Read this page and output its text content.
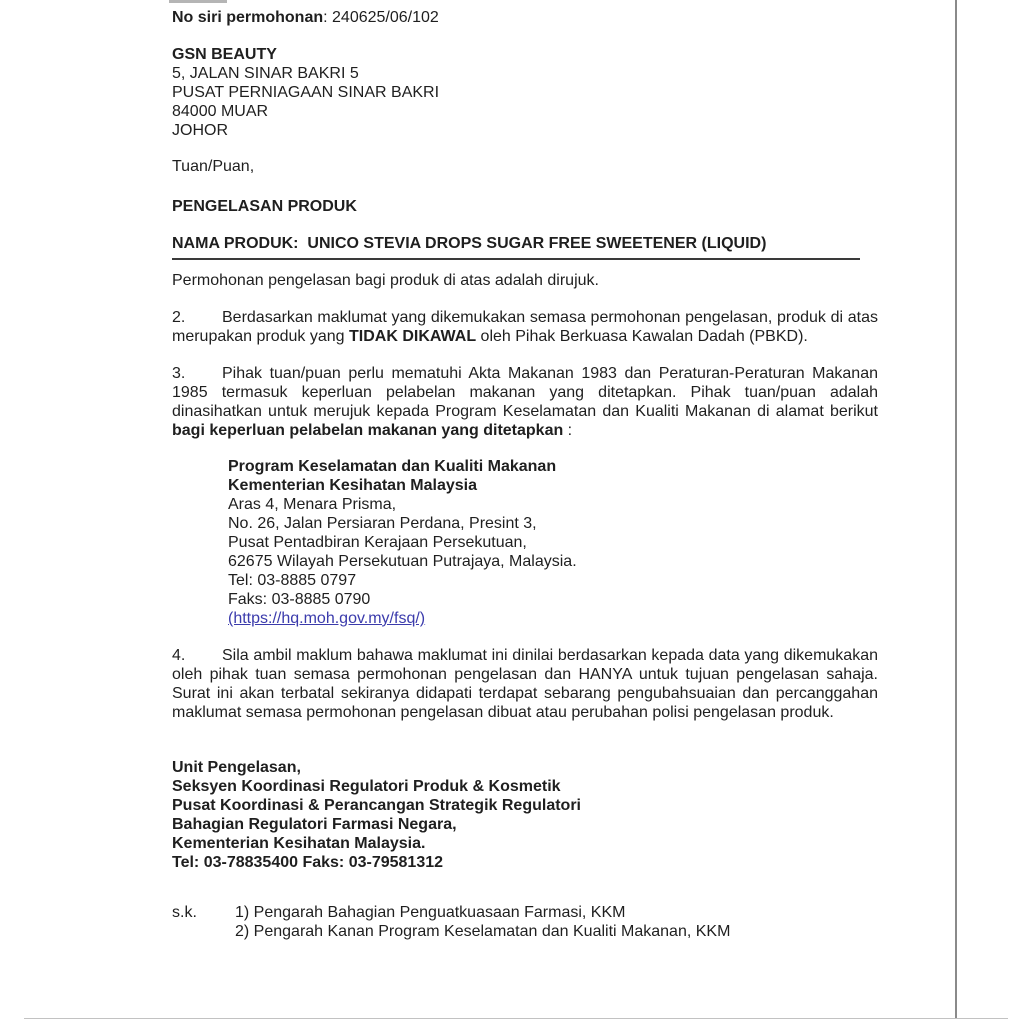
No siri permohonan: 240625/06/102

GSN BEAUTY
5, JALAN SINAR BAKRI 5
PUSAT PERNIAGAAN SINAR BAKRI
84000 MUAR
JOHOR

Tuan/Puan,

PENGELASAN PRODUK

NAMA PRODUK: UNICO STEVIA DROPS SUGAR FREE SWEETENER (LIQUID)

Permohonan pengelasan bagi produk di atas adalah dirujuk.

2. Berdasarkan maklumat yang dikemukakan semasa permohonan pengelasan, produk di atas merupakan produk yang TIDAK DIKAWAL oleh Pihak Berkuasa Kawalan Dadah (PBKD).

3. Pihak tuan/puan perlu mematuhi Akta Makanan 1983 dan Peraturan-Peraturan Makanan 1985 termasuk keperluan pelabelan makanan yang ditetapkan. Pihak tuan/puan adalah dinasihatkan untuk merujuk kepada Program Keselamatan dan Kualiti Makanan di alamat berikut bagi keperluan pelabelan makanan yang ditetapkan :

Program Keselamatan dan Kualiti Makanan
Kementerian Kesihatan Malaysia
Aras 4, Menara Prisma,
No. 26, Jalan Persiaran Perdana, Presint 3,
Pusat Pentadbiran Kerajaan Persekutuan,
62675 Wilayah Persekutuan Putrajaya, Malaysia.
Tel: 03-8885 0797
Faks: 03-8885 0790
(https://hq.moh.gov.my/fsq/)

4. Sila ambil maklum bahawa maklumat ini dinilai berdasarkan kepada data yang dikemukakan oleh pihak tuan semasa permohonan pengelasan dan HANYA untuk tujuan pengelasan sahaja. Surat ini akan terbatal sekiranya didapati terdapat sebarang pengubahsuaian dan percanggahan maklumat semasa permohonan pengelasan dibuat atau perubahan polisi pengelasan produk.

Unit Pengelasan,
Seksyen Koordinasi Regulatori Produk & Kosmetik
Pusat Koordinasi & Perancangan Strategik Regulatori
Bahagian Regulatori Farmasi Negara,
Kementerian Kesihatan Malaysia.
Tel: 03-78835400 Faks: 03-79581312
s.k.	1) Pengarah Bahagian Penguatkuasaan Farmasi, KKM
2) Pengarah Kanan Program Keselamatan dan Kualiti Makanan, KKM
